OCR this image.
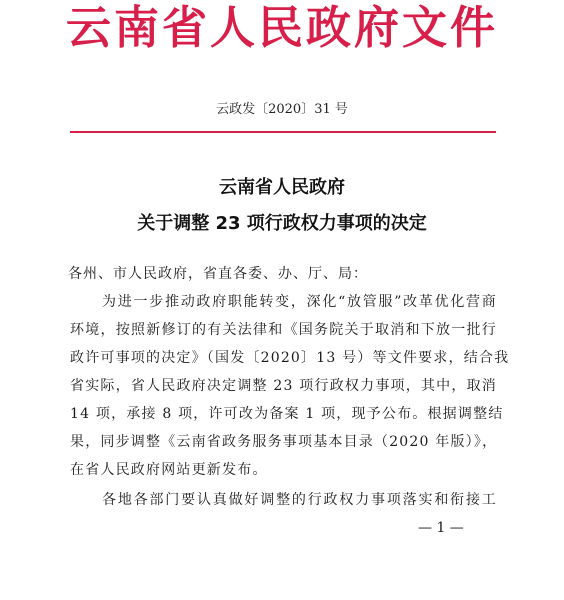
云南省人民政府文件
云政发〔2020〕31 号
云南省人民政府
关于调整 23 项行政权力事项的决定
各州、市人民政府，省直各委、办、厅、局：
为进一步推动政府职能转变，深化“放管服”改革优化营商
环境，按照新修订的有关法律和《国务院关于取消和下放一批行
政许可事项的决定》（国发〔2020〕13 号）等文件要求，结合我
省实际，省人民政府决定调整 23 项行政权力事项，其中，取消
14 项，承接 8 项，许可改为备案 1 项，现予公布。根据调整结
果，同步调整《云南省政务服务事项基本目录（2020 年版）》，
在省人民政府网站更新发布。
各地各部门要认真做好调整的行政权力事项落实和衔接工
— 1 —
